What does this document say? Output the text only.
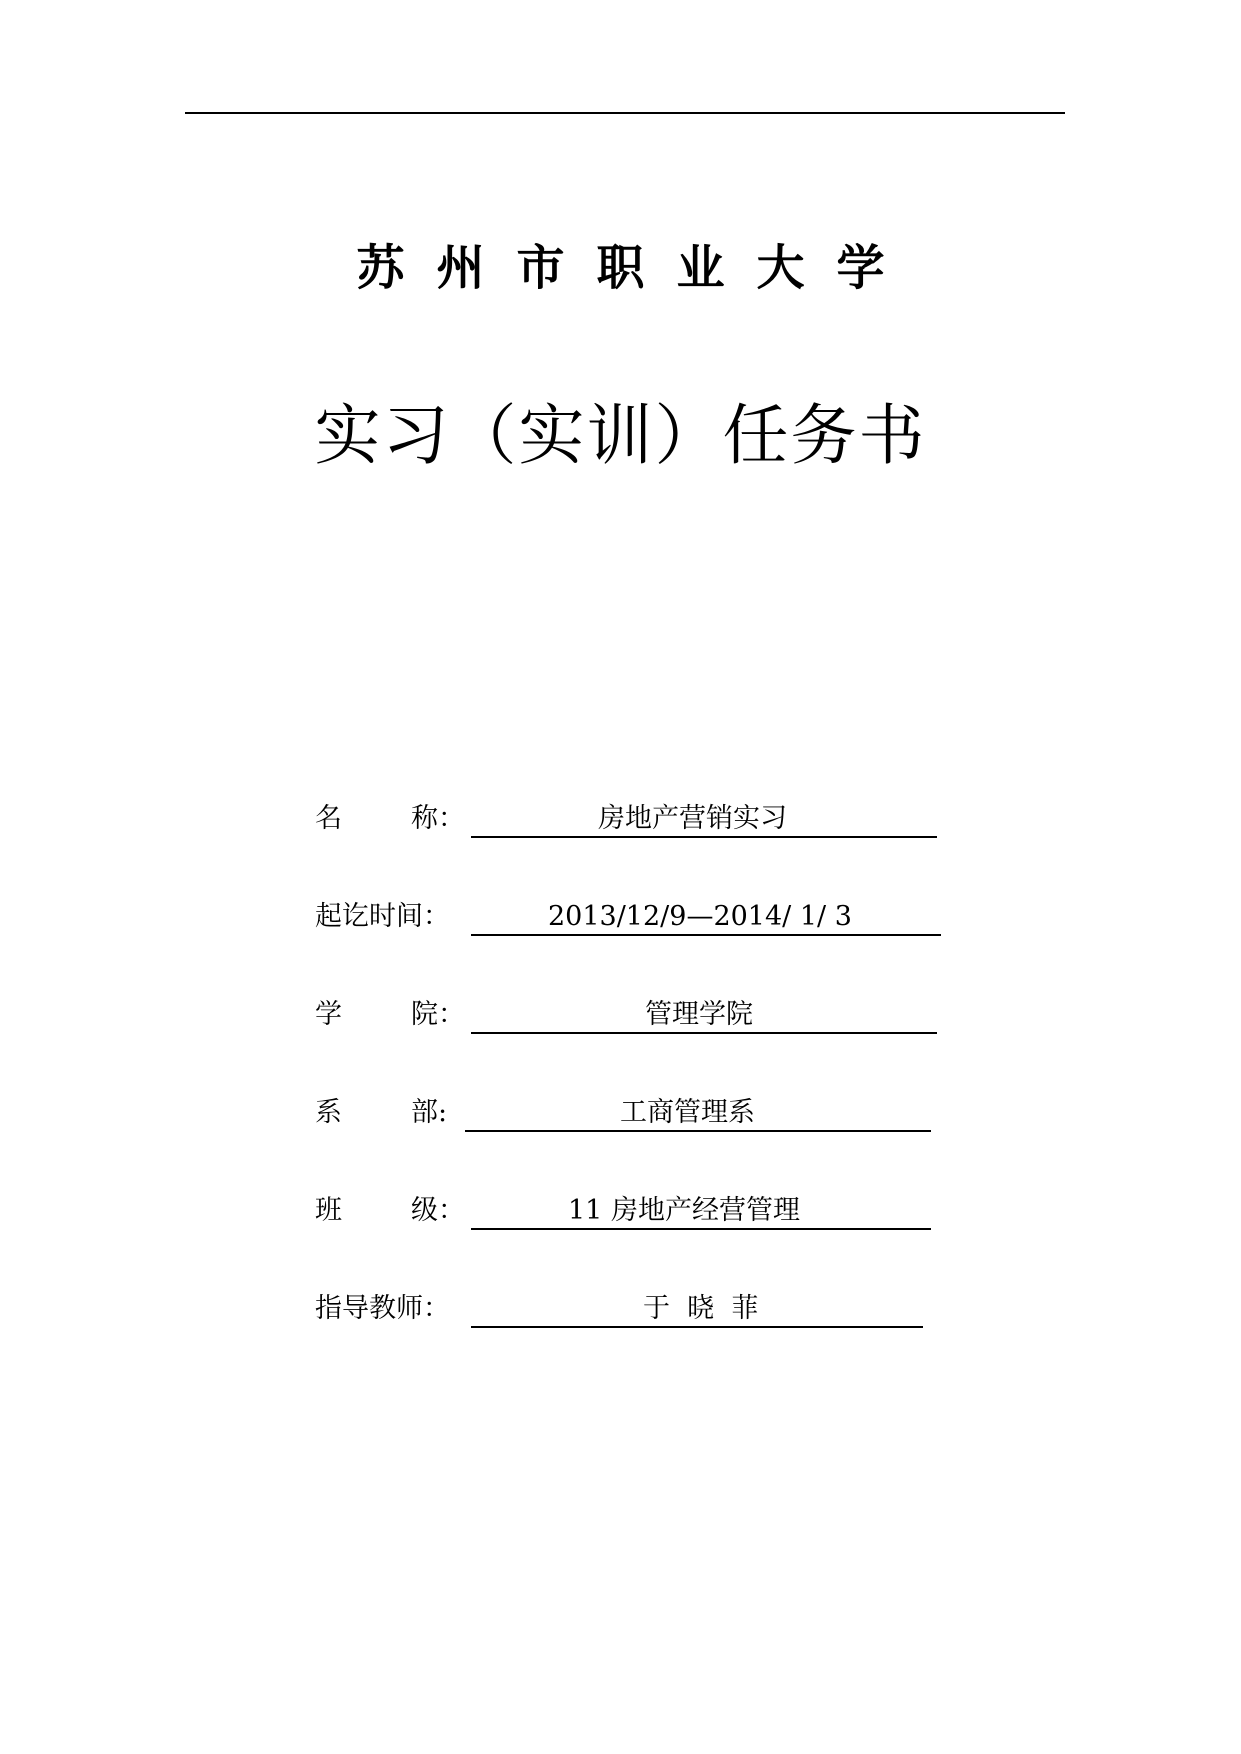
苏 州 市 职 业 大 学
实习（实训）任务书
名	称：	房地产营销实习
起讫时间：	2013/12/9—2014/ 1/ 3
学	院：	管理学院
系	部:	工商管理系
班	级：	11 房地产经营管理
指导教师：	于  晓  菲
